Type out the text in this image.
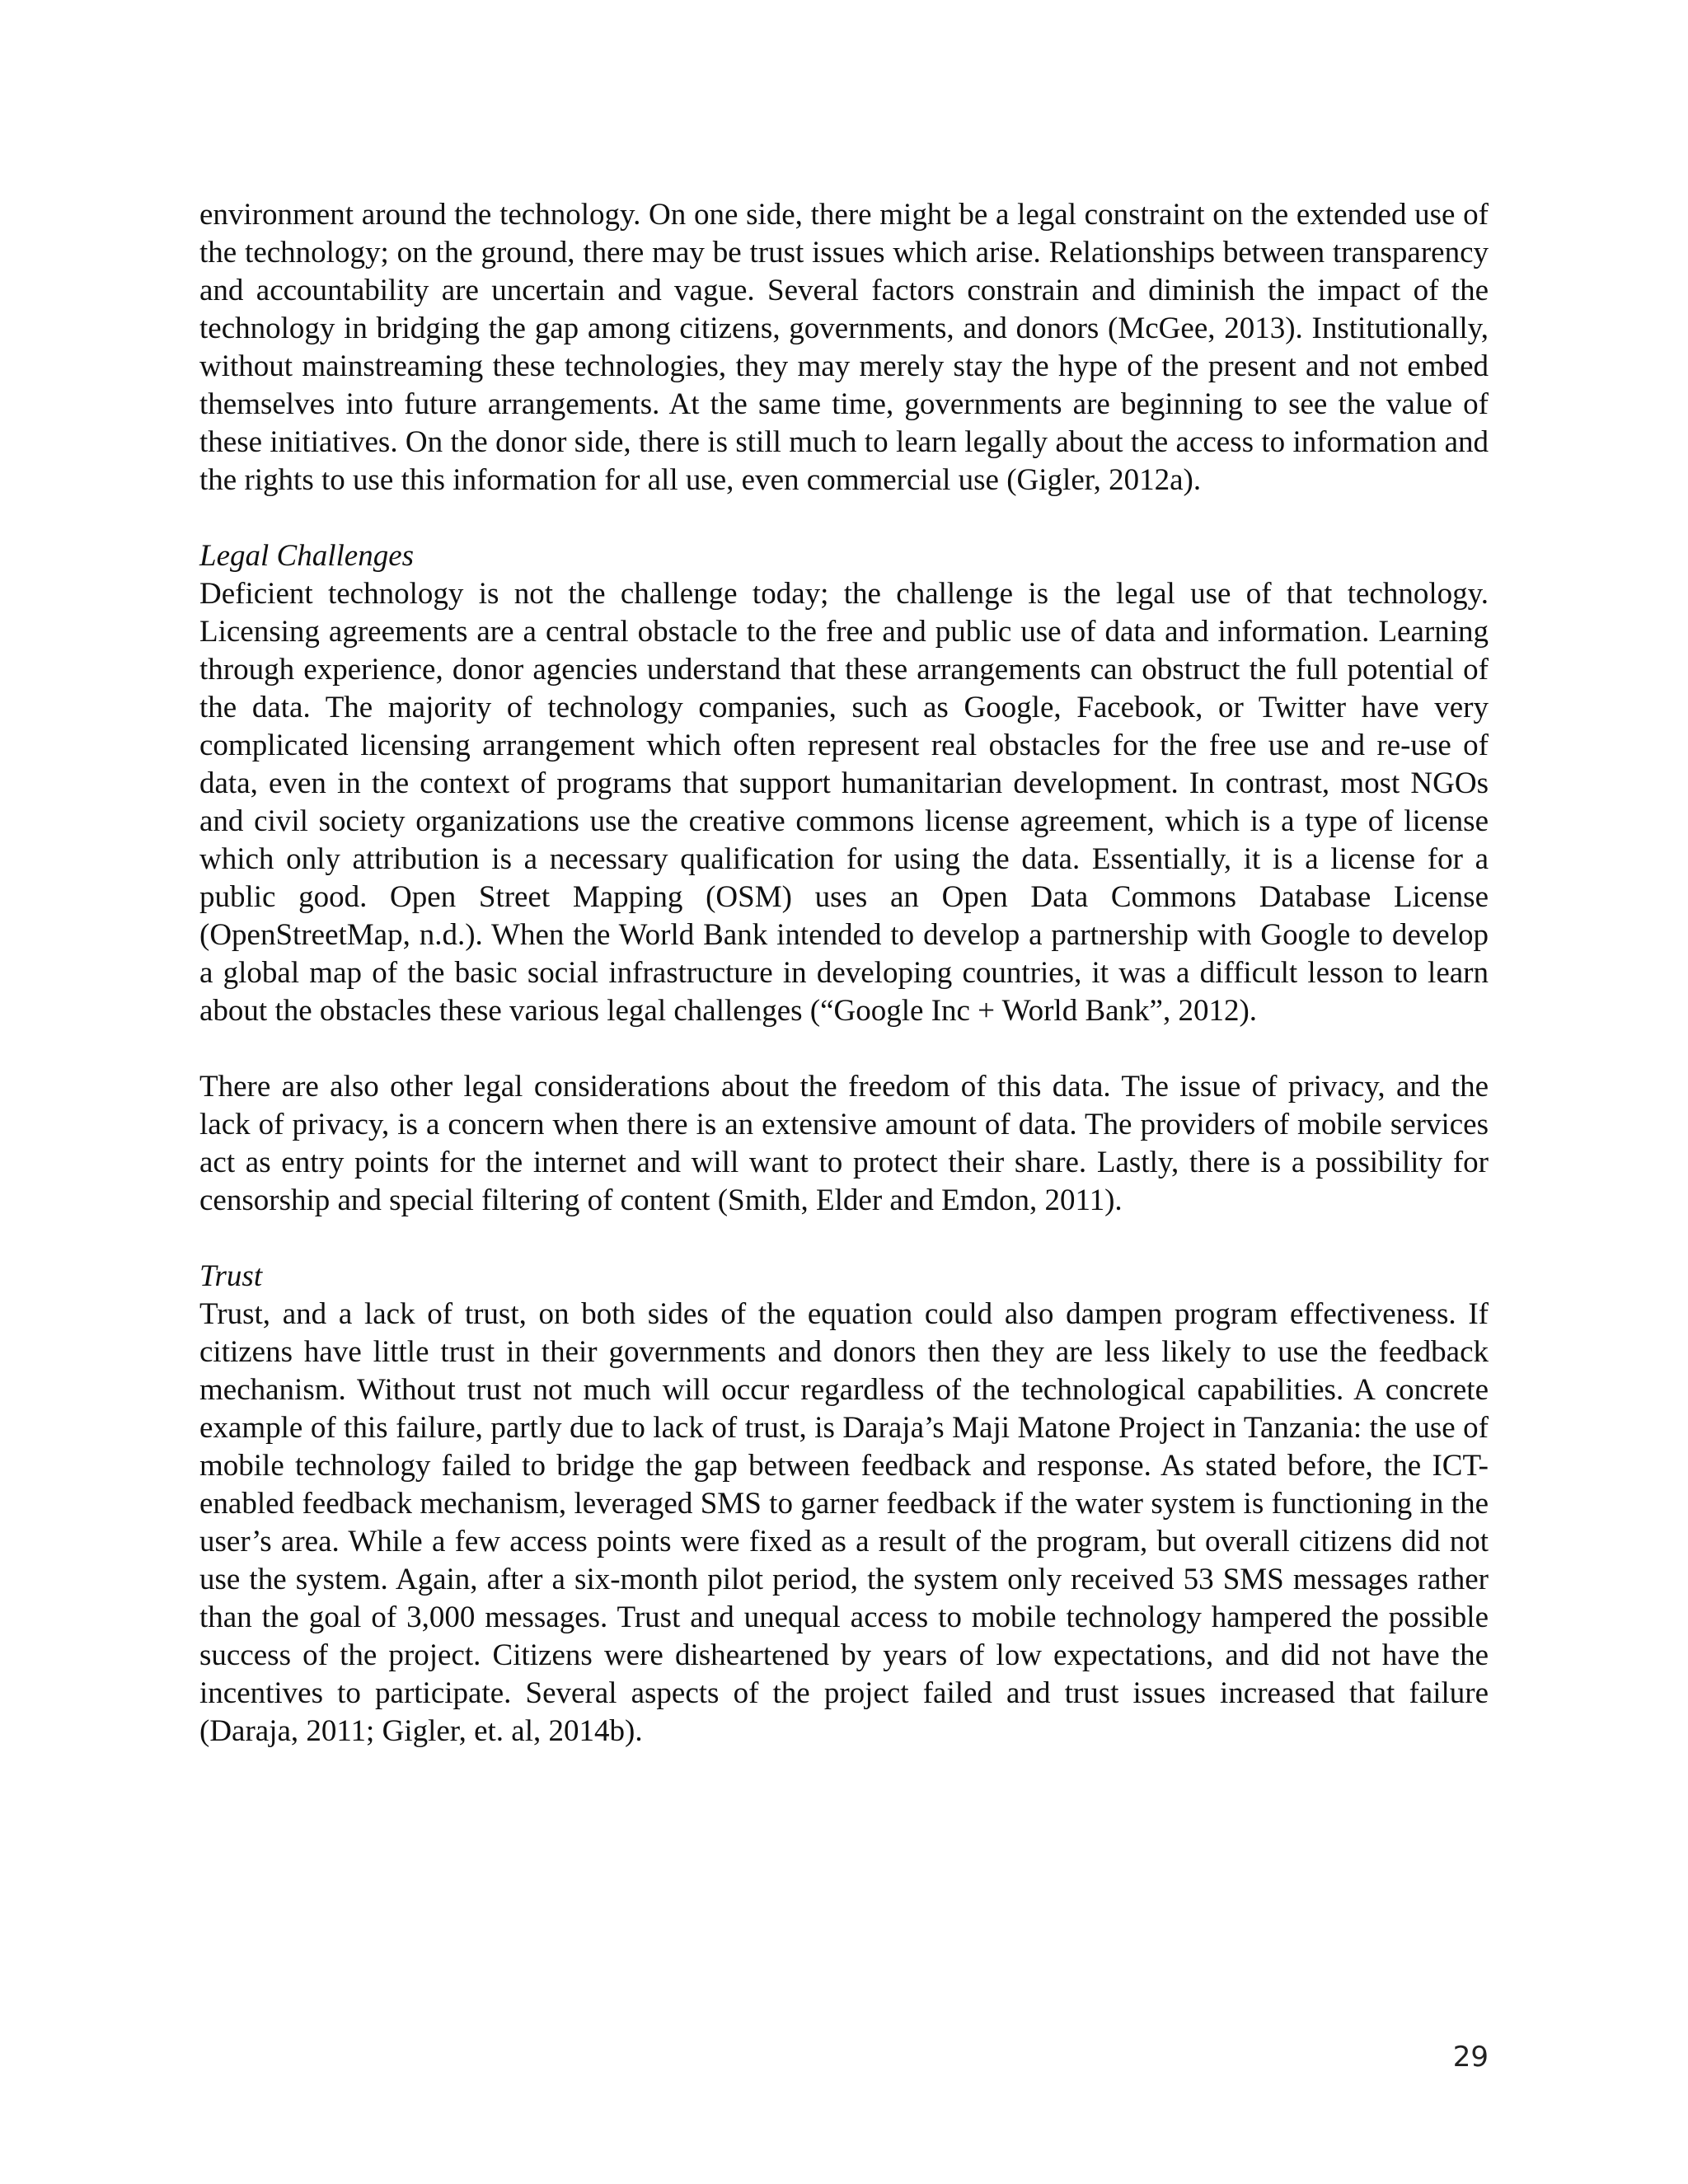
environment around the technology. On one side, there might be a legal constraint on the extended use of the technology; on the ground, there may be trust issues which arise. Relationships between transparency and accountability are uncertain and vague. Several factors constrain and diminish the impact of the technology in bridging the gap among citizens, governments, and donors (McGee, 2013). Institutionally, without mainstreaming these technologies, they may merely stay the hype of the present and not embed themselves into future arrangements. At the same time, governments are beginning to see the value of these initiatives. On the donor side, there is still much to learn legally about the access to information and the rights to use this information for all use, even commercial use (Gigler, 2012a).

Legal Challenges

Deficient technology is not the challenge today; the challenge is the legal use of that technology. Licensing agreements are a central obstacle to the free and public use of data and information. Learning through experience, donor agencies understand that these arrangements can obstruct the full potential of the data. The majority of technology companies, such as Google, Facebook, or Twitter have very complicated licensing arrangement which often represent real obstacles for the free use and re-use of data, even in the context of programs that support humanitarian development. In contrast, most NGOs and civil society organizations use the creative commons license agreement, which is a type of license which only attribution is a necessary qualification for using the data. Essentially, it is a license for a public good. Open Street Mapping (OSM) uses an Open Data Commons Database License (OpenStreetMap, n.d.). When the World Bank intended to develop a partnership with Google to develop a global map of the basic social infrastructure in developing countries, it was a difficult lesson to learn about the obstacles these various legal challenges (“Google Inc + World Bank”, 2012).

There are also other legal considerations about the freedom of this data. The issue of privacy, and the lack of privacy, is a concern when there is an extensive amount of data. The providers of mobile services act as entry points for the internet and will want to protect their share. Lastly, there is a possibility for censorship and special filtering of content (Smith, Elder and Emdon, 2011).

Trust

Trust, and a lack of trust, on both sides of the equation could also dampen program effectiveness. If citizens have little trust in their governments and donors then they are less likely to use the feedback mechanism. Without trust not much will occur regardless of the technological capabilities. A concrete example of this failure, partly due to lack of trust, is Daraja’s Maji Matone Project in Tanzania: the use of mobile technology failed to bridge the gap between feedback and response. As stated before, the ICT-enabled feedback mechanism, leveraged SMS to garner feedback if the water system is functioning in the user’s area. While a few access points were fixed as a result of the program, but overall citizens did not use the system. Again, after a six-month pilot period, the system only received 53 SMS messages rather than the goal of 3,000 messages. Trust and unequal access to mobile technology hampered the possible success of the project. Citizens were disheartened by years of low expectations, and did not have the incentives to participate. Several aspects of the project failed and trust issues increased that failure (Daraja, 2011; Gigler, et. al, 2014b).

29
